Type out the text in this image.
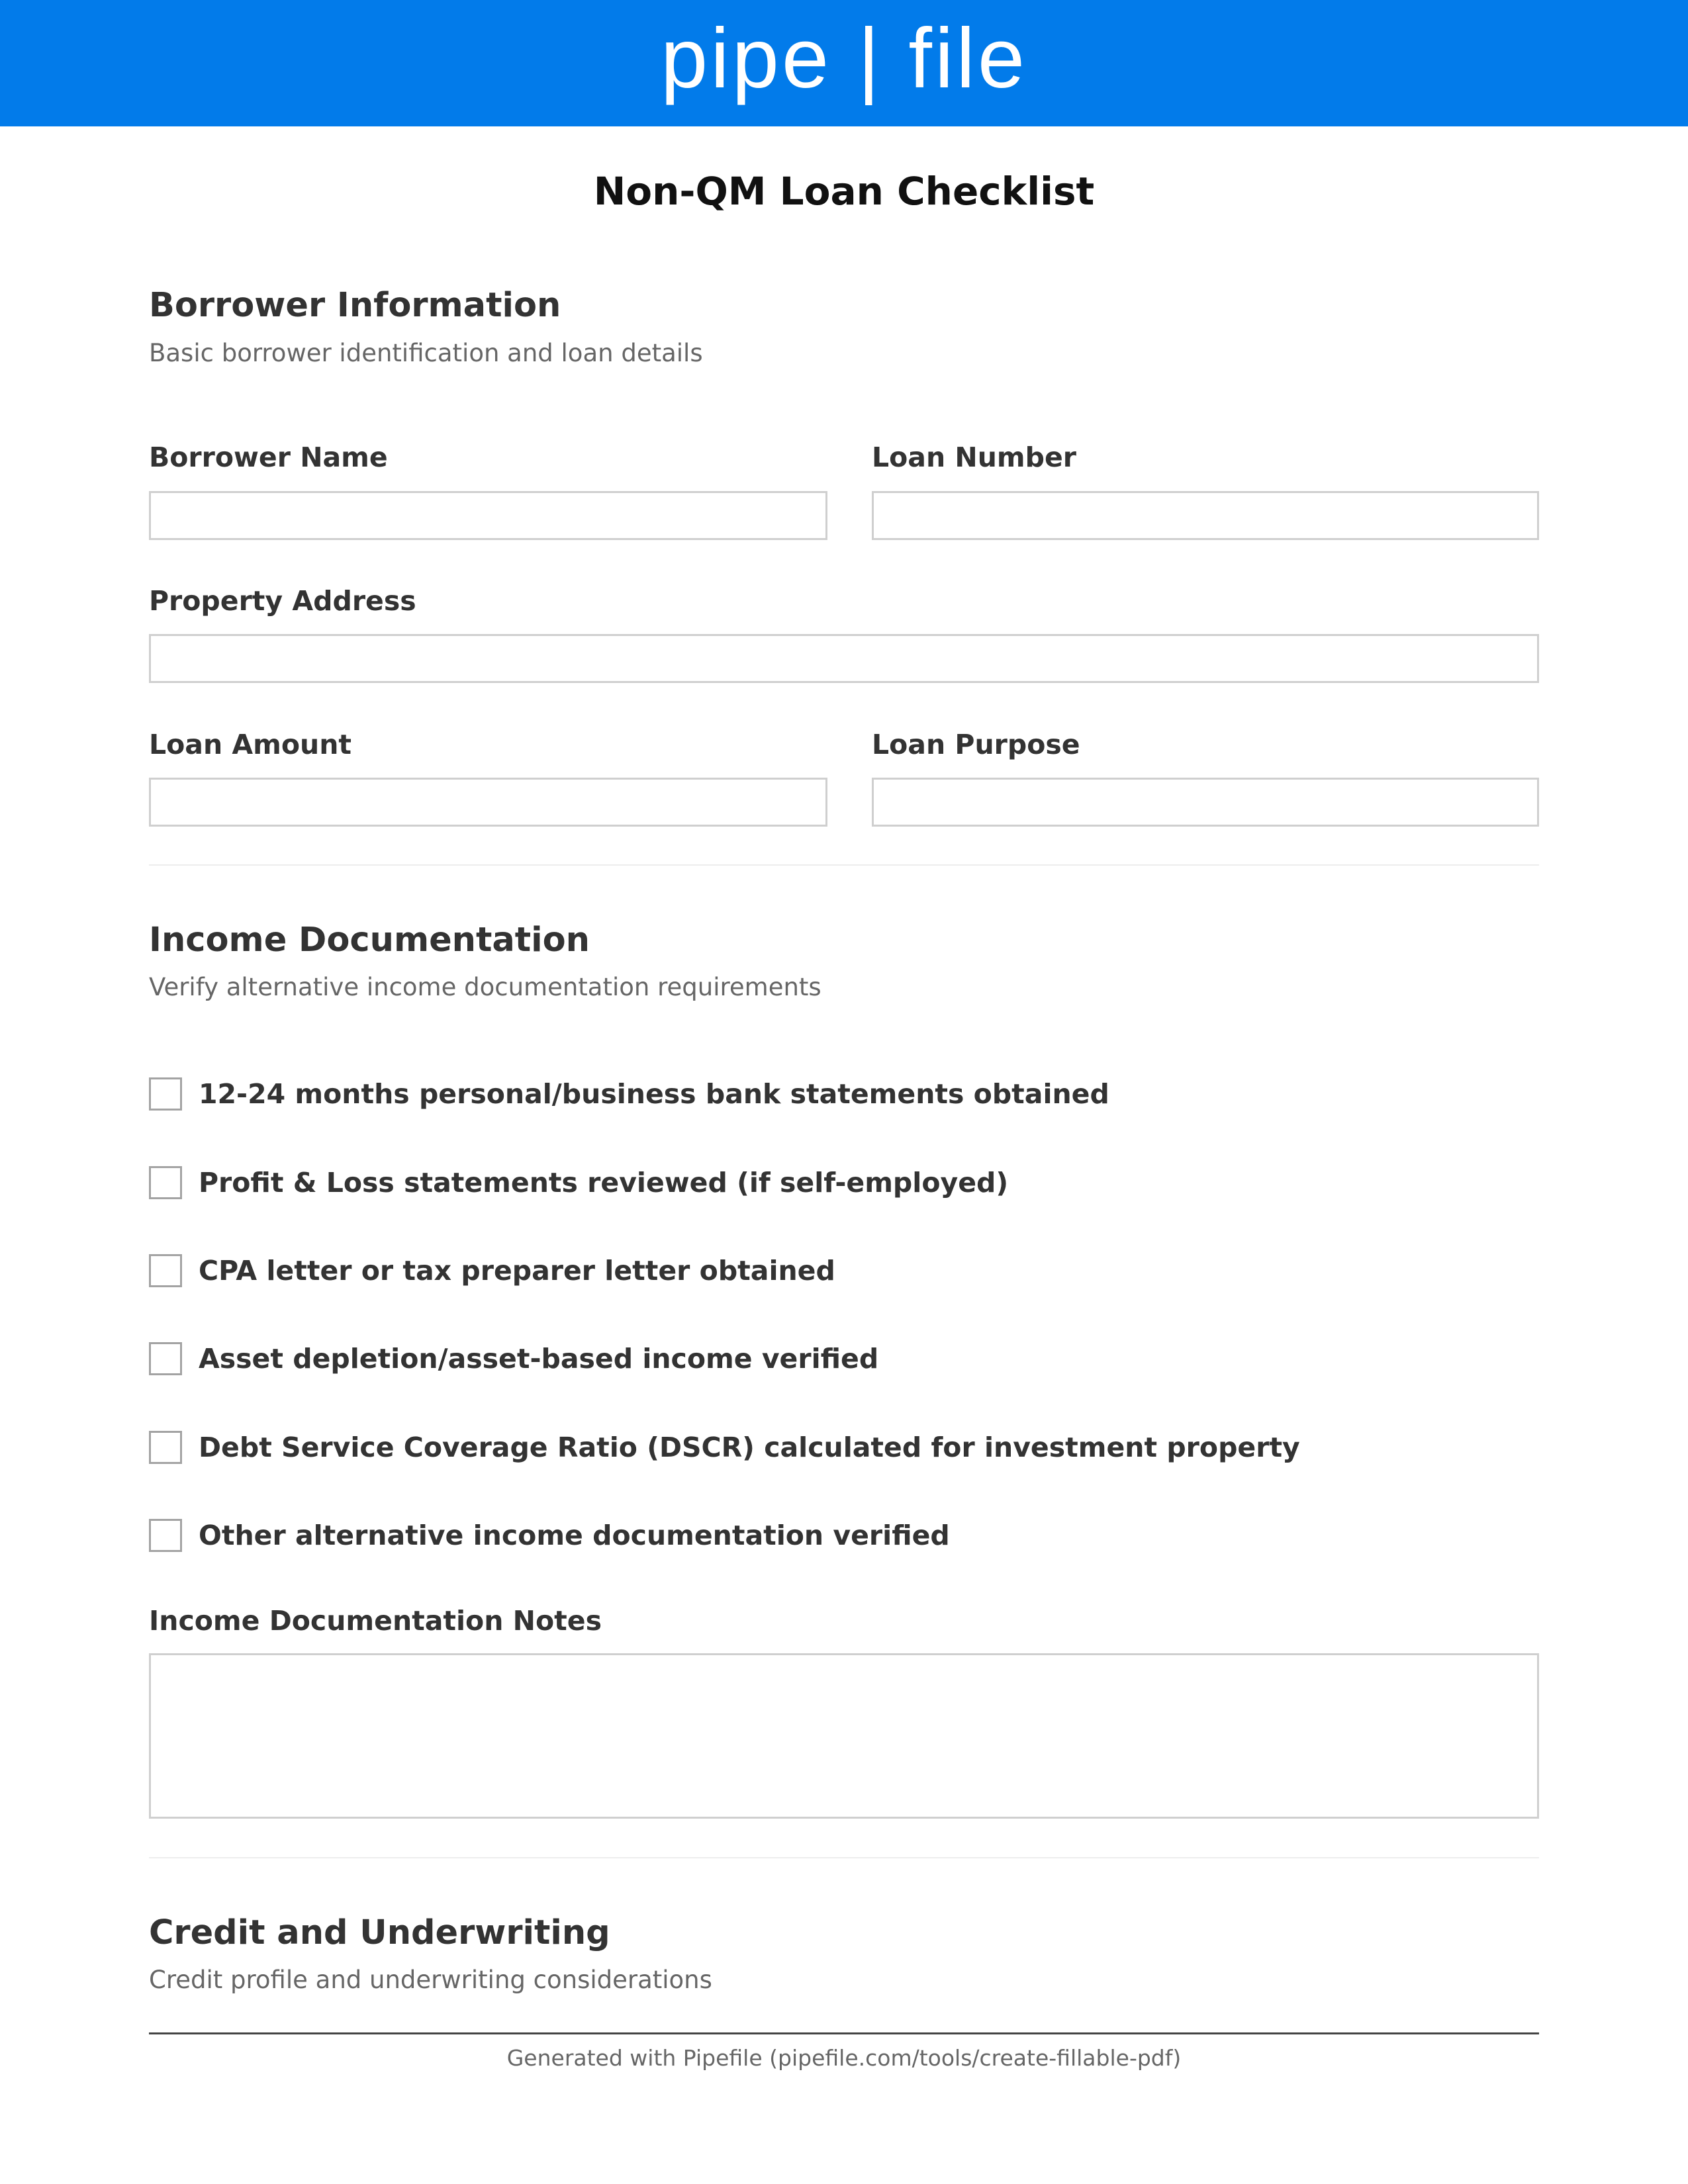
pipe | file
Non-QM Loan Checklist
Borrower Information
Basic borrower identification and loan details
Borrower Name	Loan Number
Property Address
Loan Amount	Loan Purpose
Income Documentation
Verify alternative income documentation requirements
12-24 months personal/business bank statements obtained
Profit & Loss statements reviewed (if self-employed)
CPA letter or tax preparer letter obtained
Asset depletion/asset-based income verified
Debt Service Coverage Ratio (DSCR) calculated for investment property
Other alternative income documentation verified
Income Documentation Notes
Credit and Underwriting
Credit profile and underwriting considerations
Generated with Pipefile (pipefile.com/tools/create-fillable-pdf)
